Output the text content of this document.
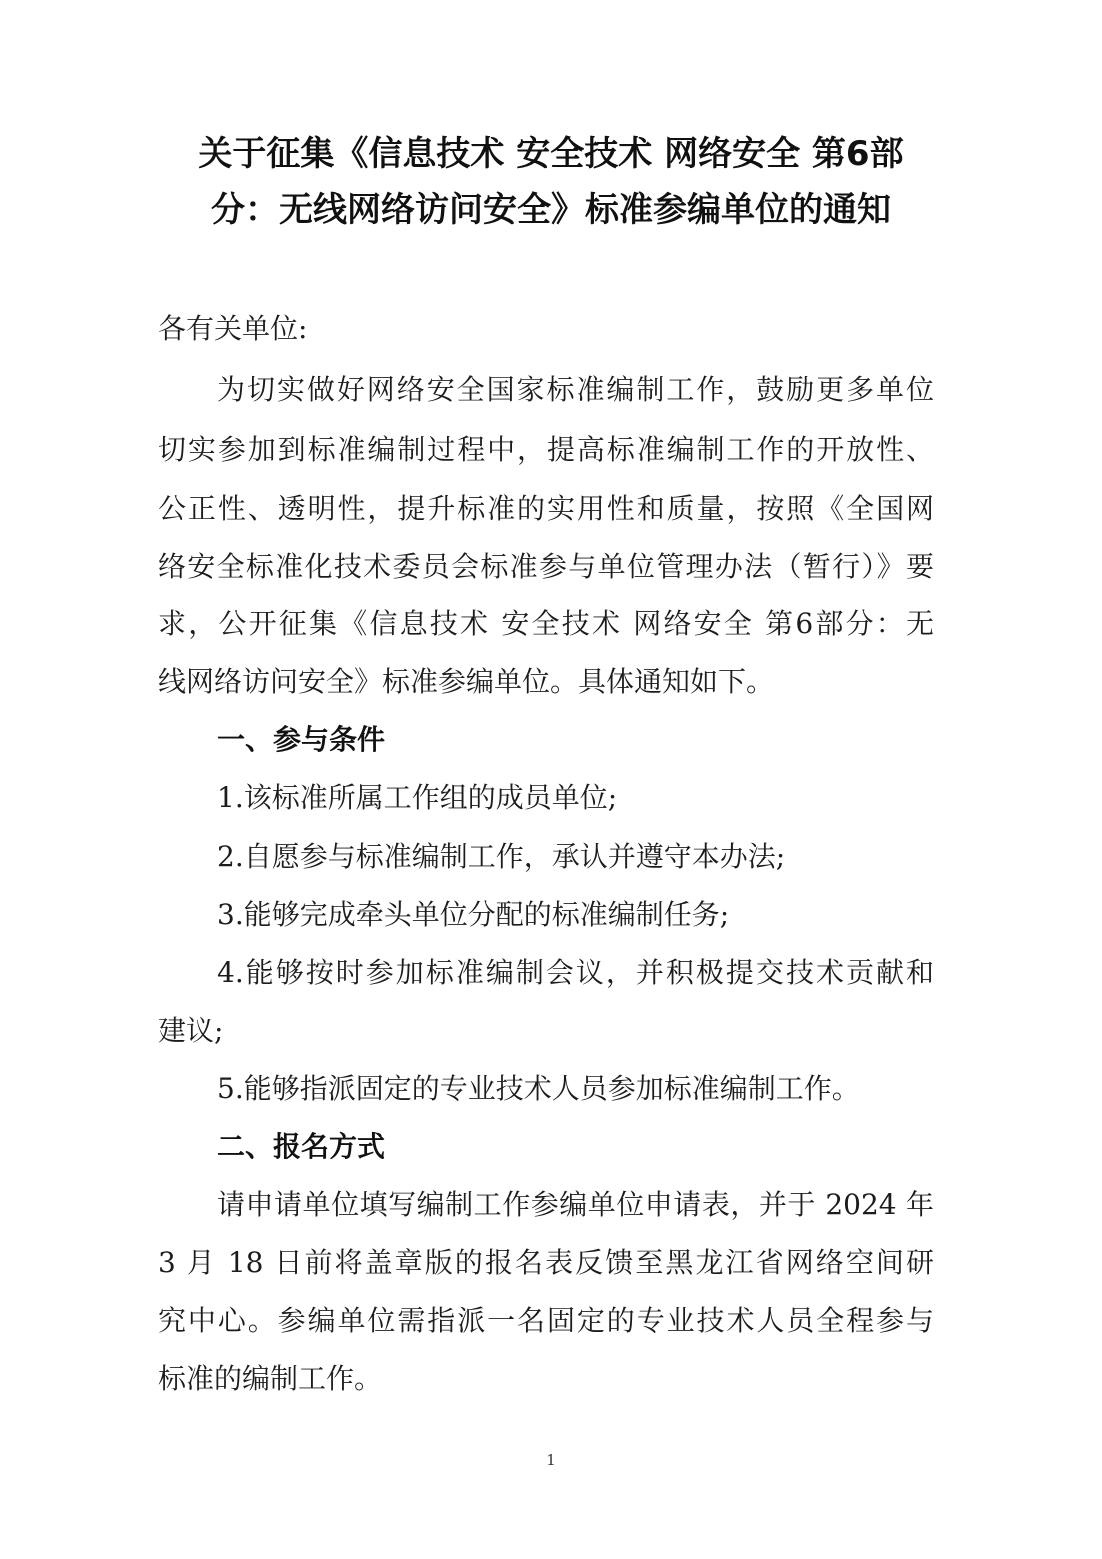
关于征集《信息技术 安全技术 网络安全 第6部
分：无线网络访问安全》标准参编单位的通知
各有关单位:
为切实做好网络安全国家标准编制工作，鼓励更多单位
切实参加到标准编制过程中，提高标准编制工作的开放性、
公正性、透明性，提升标准的实用性和质量，按照《全国网
络安全标准化技术委员会标准参与单位管理办法（暂行）》要
求，公开征集《信息技术 安全技术 网络安全 第6部分：无
线网络访问安全》标准参编单位。具体通知如下。
一、参与条件
1.该标准所属工作组的成员单位;
2.自愿参与标准编制工作，承认并遵守本办法;
3.能够完成牵头单位分配的标准编制任务;
4.能够按时参加标准编制会议，并积极提交技术贡献和
建议;
5.能够指派固定的专业技术人员参加标准编制工作。
二、报名方式
请申请单位填写编制工作参编单位申请表，并于 2024 年
3 月 18 日前将盖章版的报名表反馈至黑龙江省网络空间研
究中心。参编单位需指派一名固定的专业技术人员全程参与
标准的编制工作。
1
